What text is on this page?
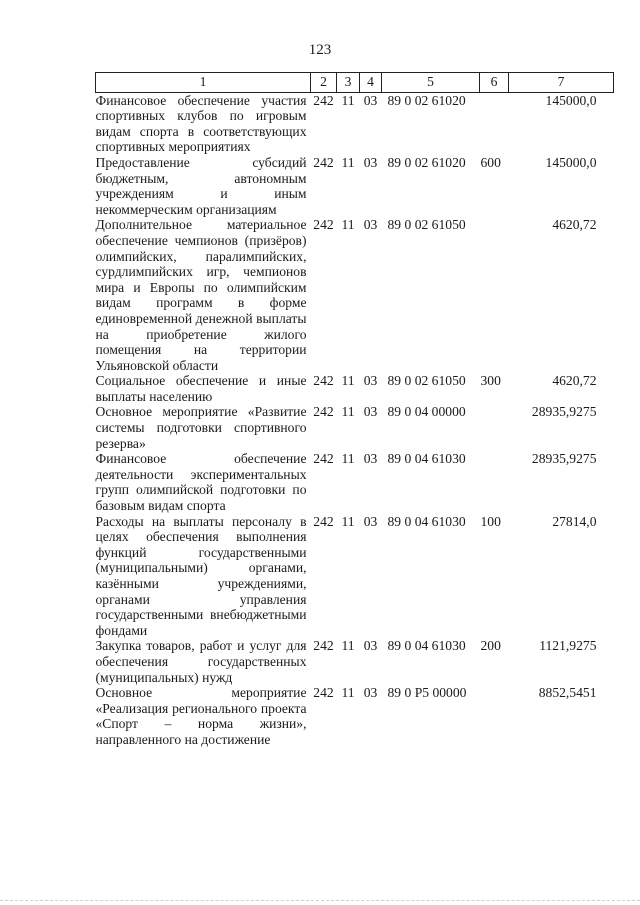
123
1	2	3	4	5	6	7
Финансовое обеспечение участия спортивных клубов по игровым видам спорта в соответствующих спортивных мероприятиях	242	11	03	89 0 02 61020		145000,0
Предоставление субсидий бюджетным, автономным учреждениям и иным некоммерческим организациям	242	11	03	89 0 02 61020	600	145000,0
Дополнительное материальное обеспечение чемпионов (призёров) олимпийских, паралимпийских, сурдлимпийских игр, чемпионов мира и Европы по олимпийским видам программ в форме единовременной денежной выплаты на приобретение жилого помещения на территории Ульяновской области	242	11	03	89 0 02 61050		4620,72
Социальное обеспечение и иные выплаты населению	242	11	03	89 0 02 61050	300	4620,72
Основное мероприятие «Развитие системы подготовки спортивного резерва»	242	11	03	89 0 04 00000		28935,9275
Финансовое обеспечение деятельности экспериментальных групп олимпийской подготовки по базовым видам спорта	242	11	03	89 0 04 61030		28935,9275
Расходы на выплаты персоналу в целях обеспечения выполнения функций государственными (муниципальными) органами, казёнными учреждениями, органами управления государственными внебюджетными фондами	242	11	03	89 0 04 61030	100	27814,0
Закупка товаров, работ и услуг для обеспечения государственных (муниципальных) нужд	242	11	03	89 0 04 61030	200	1121,9275
Основное мероприятие «Реализация регионального проекта «Спорт – норма жизни», направленного на достижение	242	11	03	89 0 P5 00000		8852,5451
